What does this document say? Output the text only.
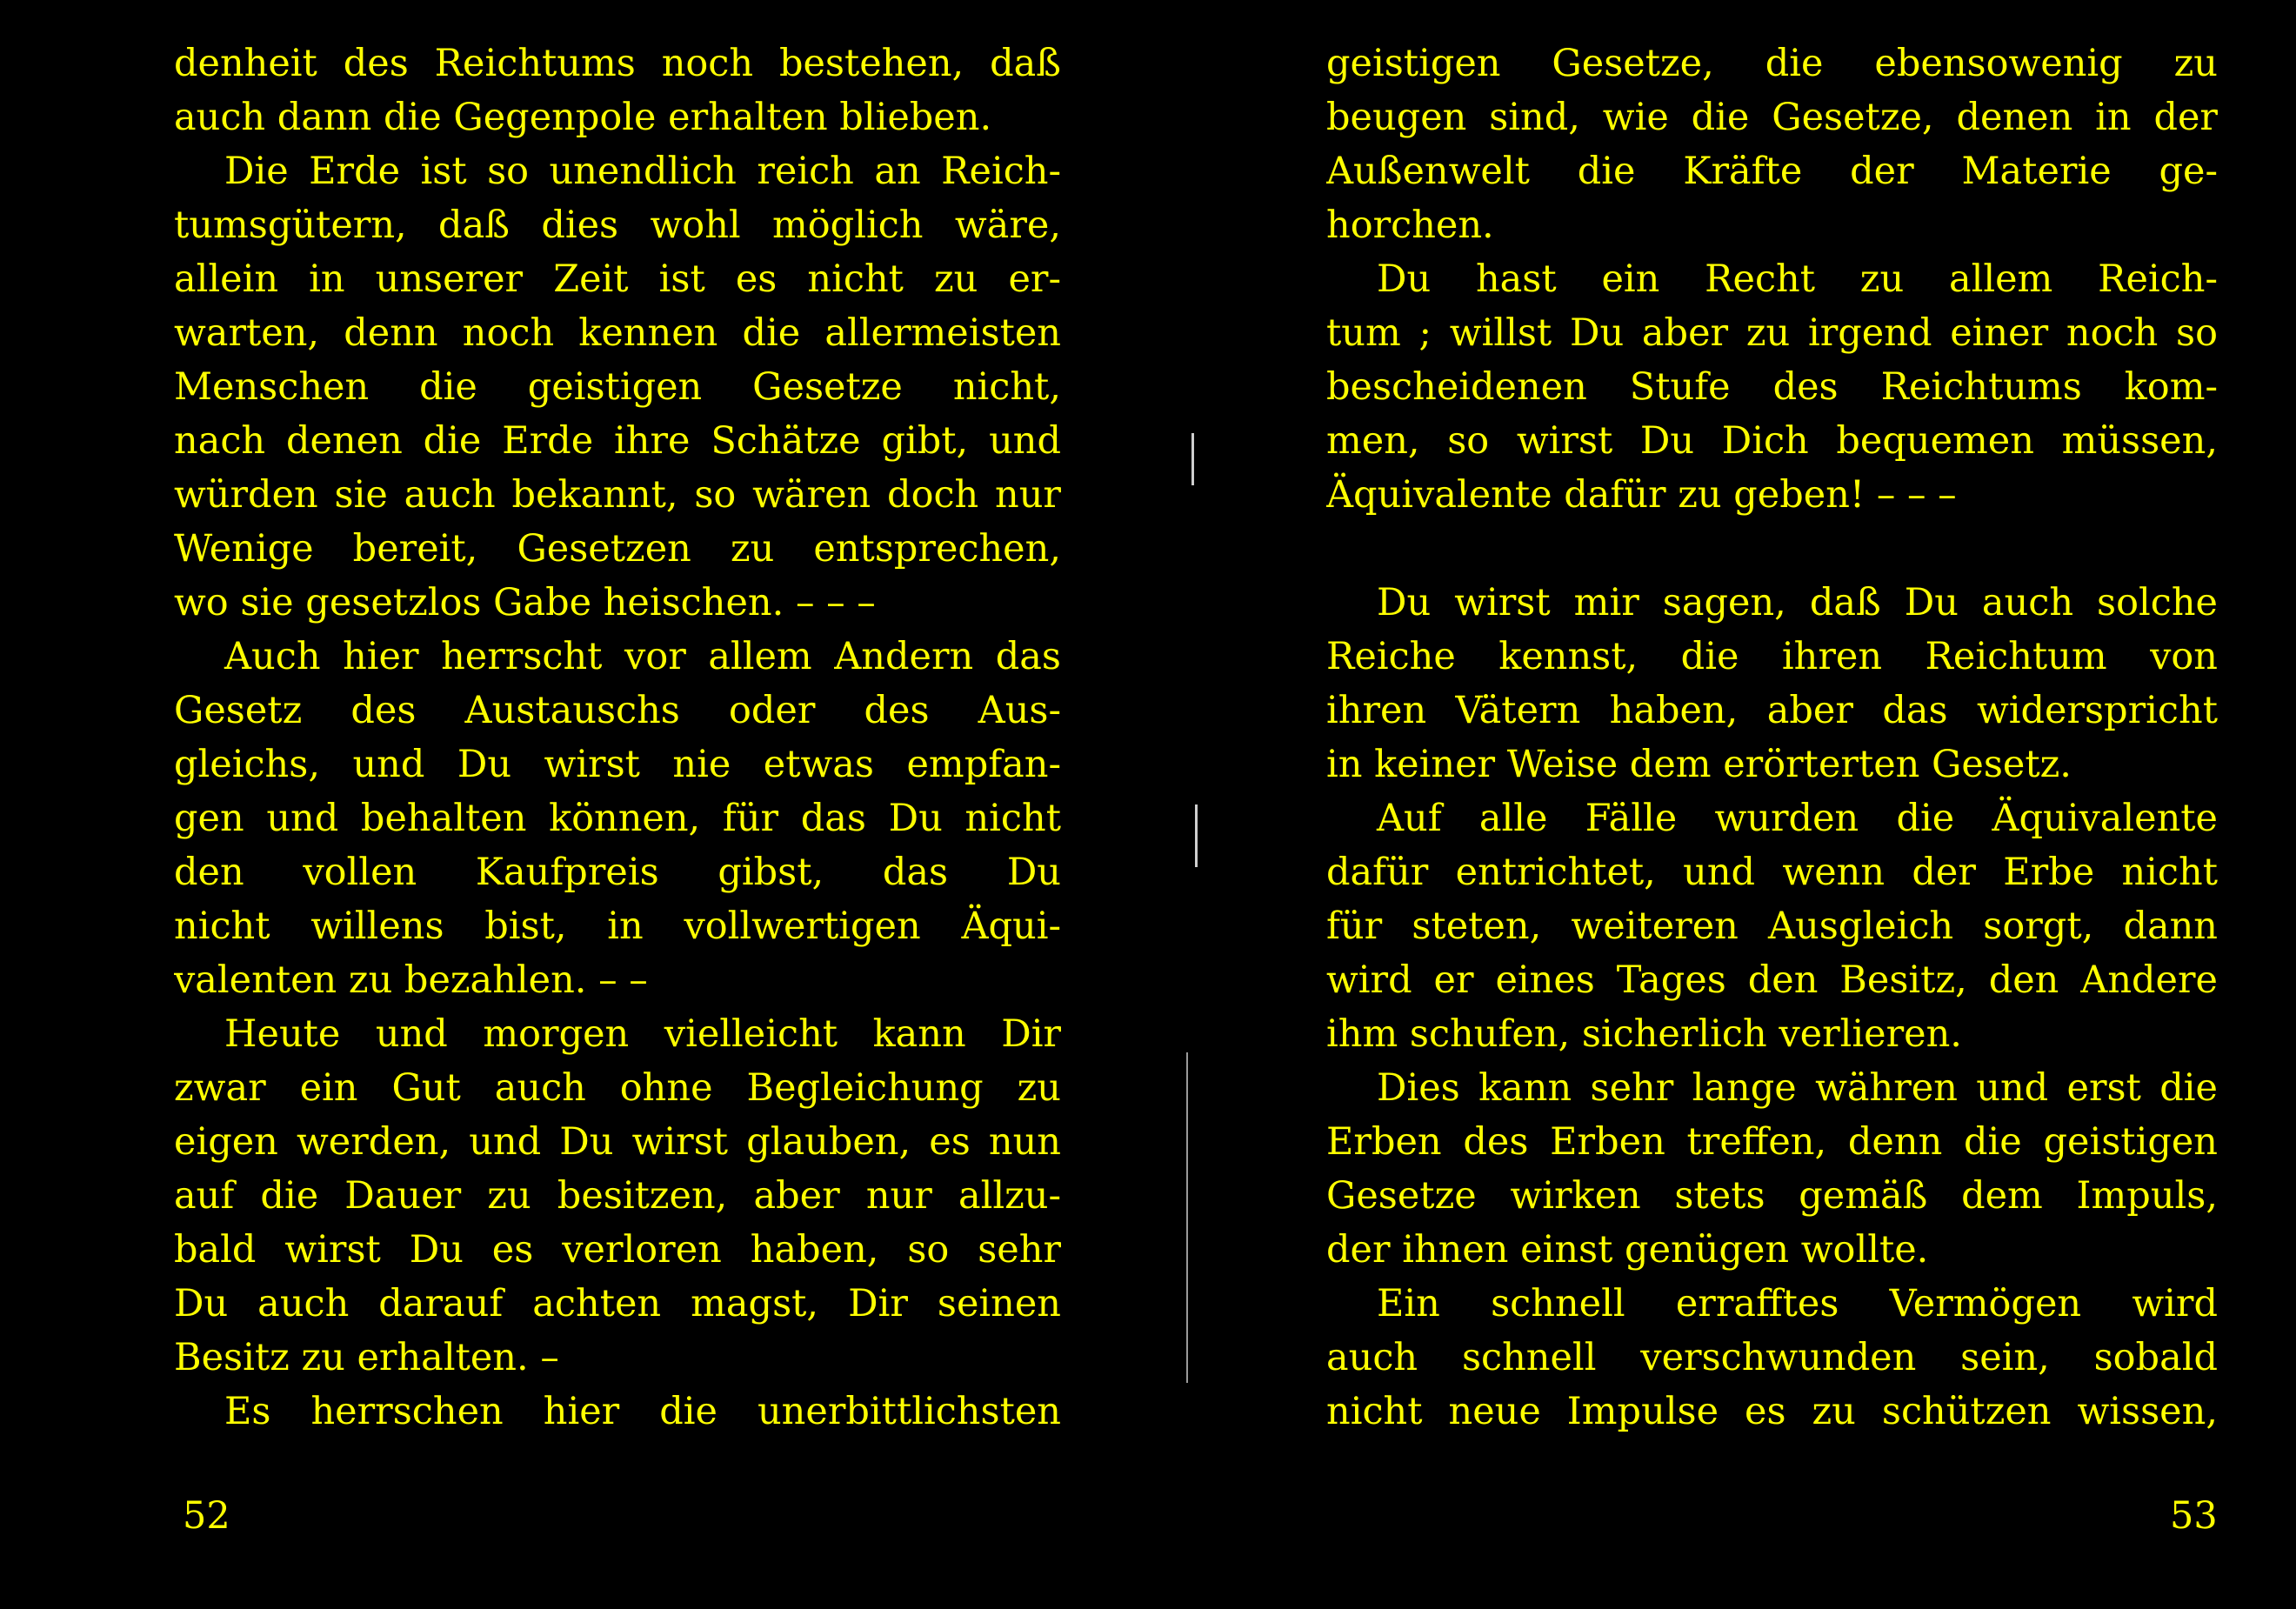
denheit des Reichtums noch bestehen, daß
auch dann die Gegenpole erhalten blieben.
Die Erde ist so unendlich reich an Reich-
tumsgütern, daß dies wohl möglich wäre,
allein in unserer Zeit ist es nicht zu er-
warten, denn noch kennen die allermeisten
Menschen die geistigen Gesetze nicht,
nach denen die Erde ihre Schätze gibt, und
würden sie auch bekannt, so wären doch nur
Wenige bereit, Gesetzen zu entsprechen,
wo sie gesetzlos Gabe heischen. – – –
Auch hier herrscht vor allem Andern das
Gesetz des Austauschs oder des Aus-
gleichs, und Du wirst nie etwas empfan-
gen und behalten können, für das Du nicht
den vollen Kaufpreis gibst, das Du
nicht willens bist, in vollwertigen Äqui-
valenten zu bezahlen. – –
Heute und morgen vielleicht kann Dir
zwar ein Gut auch ohne Begleichung zu
eigen werden, und Du wirst glauben, es nun
auf die Dauer zu besitzen, aber nur allzu-
bald wirst Du es verloren haben, so sehr
Du auch darauf achten magst, Dir seinen
Besitz zu erhalten. –
Es herrschen hier die unerbittlichsten
geistigen Gesetze, die ebensowenig zu
beugen sind, wie die Gesetze, denen in der
Außenwelt die Kräfte der Materie ge-
horchen.
Du hast ein Recht zu allem Reich-
tum ; willst Du aber zu irgend einer noch so
bescheidenen Stufe des Reichtums kom-
men, so wirst Du Dich bequemen müssen,
Äquivalente dafür zu geben! – – –
Du wirst mir sagen, daß Du auch solche
Reiche kennst, die ihren Reichtum von
ihren Vätern haben, aber das widerspricht
in keiner Weise dem erörterten Gesetz.
Auf alle Fälle wurden die Äquivalente
dafür entrichtet, und wenn der Erbe nicht
für steten, weiteren Ausgleich sorgt, dann
wird er eines Tages den Besitz, den Andere
ihm schufen, sicherlich verlieren.
Dies kann sehr lange währen und erst die
Erben des Erben treffen, denn die geistigen
Gesetze wirken stets gemäß dem Impuls,
der ihnen einst genügen wollte.
Ein schnell errafftes Vermögen wird
auch schnell verschwunden sein, sobald
nicht neue Impulse es zu schützen wissen,
52	53
